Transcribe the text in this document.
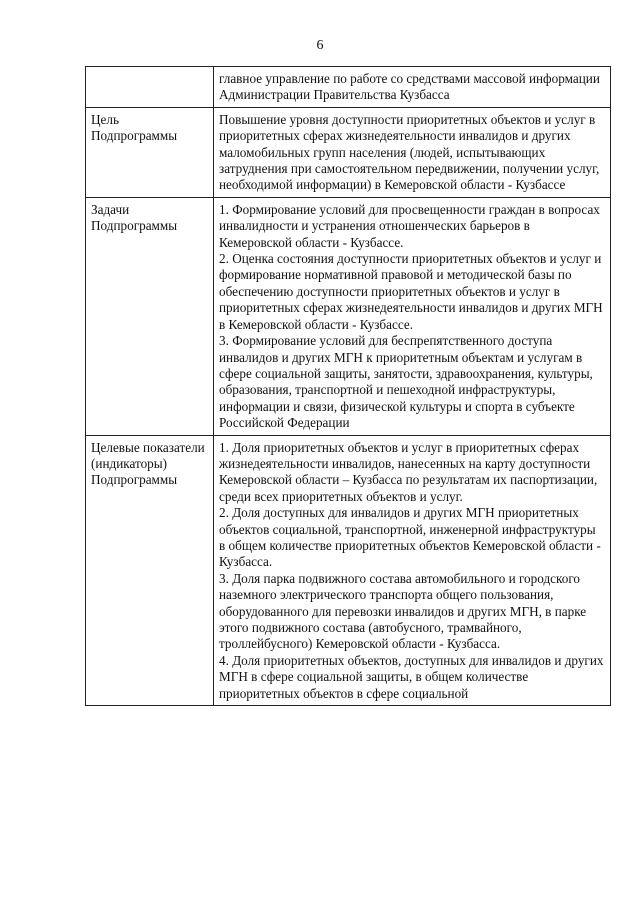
6

	главное управление по работе со средствами массовой информации Администрации Правительства Кузбасса

Цель Подпрограммы	Повышение уровня доступности приоритетных объектов и услуг в приоритетных сферах жизнедеятельности инвалидов и других маломобильных групп населения (людей, испытывающих затруднения при самостоятельном передвижении, получении услуг, необходимой информации) в Кемеровской области - Кузбассе

Задачи Подпрограммы	1. Формирование условий для просвещенности граждан в вопросах инвалидности и устранения отношенческих барьеров в Кемеровской области - Кузбассе.
2. Оценка состояния доступности приоритетных объектов и услуг и формирование нормативной правовой и методической базы по обеспечению доступности приоритетных объектов и услуг в приоритетных сферах жизнедеятельности инвалидов и других МГН в Кемеровской области - Кузбассе.
3. Формирование условий для беспрепятственного доступа инвалидов и других МГН к приоритетным объектам и услугам в сфере социальной защиты, занятости, здравоохранения, культуры, образования, транспортной и пешеходной инфраструктуры, информации и связи, физической культуры и спорта в субъекте Российской Федерации

Целевые показатели (индикаторы) Подпрограммы	1. Доля приоритетных объектов и услуг в приоритетных сферах жизнедеятельности инвалидов, нанесенных на карту доступности Кемеровской области – Кузбасса по результатам их паспортизации, среди всех приоритетных объектов и услуг.
2. Доля доступных для инвалидов и других МГН приоритетных объектов социальной, транспортной, инженерной инфраструктуры в общем количестве приоритетных объектов Кемеровской области - Кузбасса.
3. Доля парка подвижного состава автомобильного и городского наземного электрического транспорта общего пользования, оборудованного для перевозки инвалидов и других МГН, в парке этого подвижного состава (автобусного, трамвайного, троллейбусного) Кемеровской области - Кузбасса.
4. Доля приоритетных объектов, доступных для инвалидов и других МГН в сфере социальной защиты, в общем количестве приоритетных объектов в сфере социальной
